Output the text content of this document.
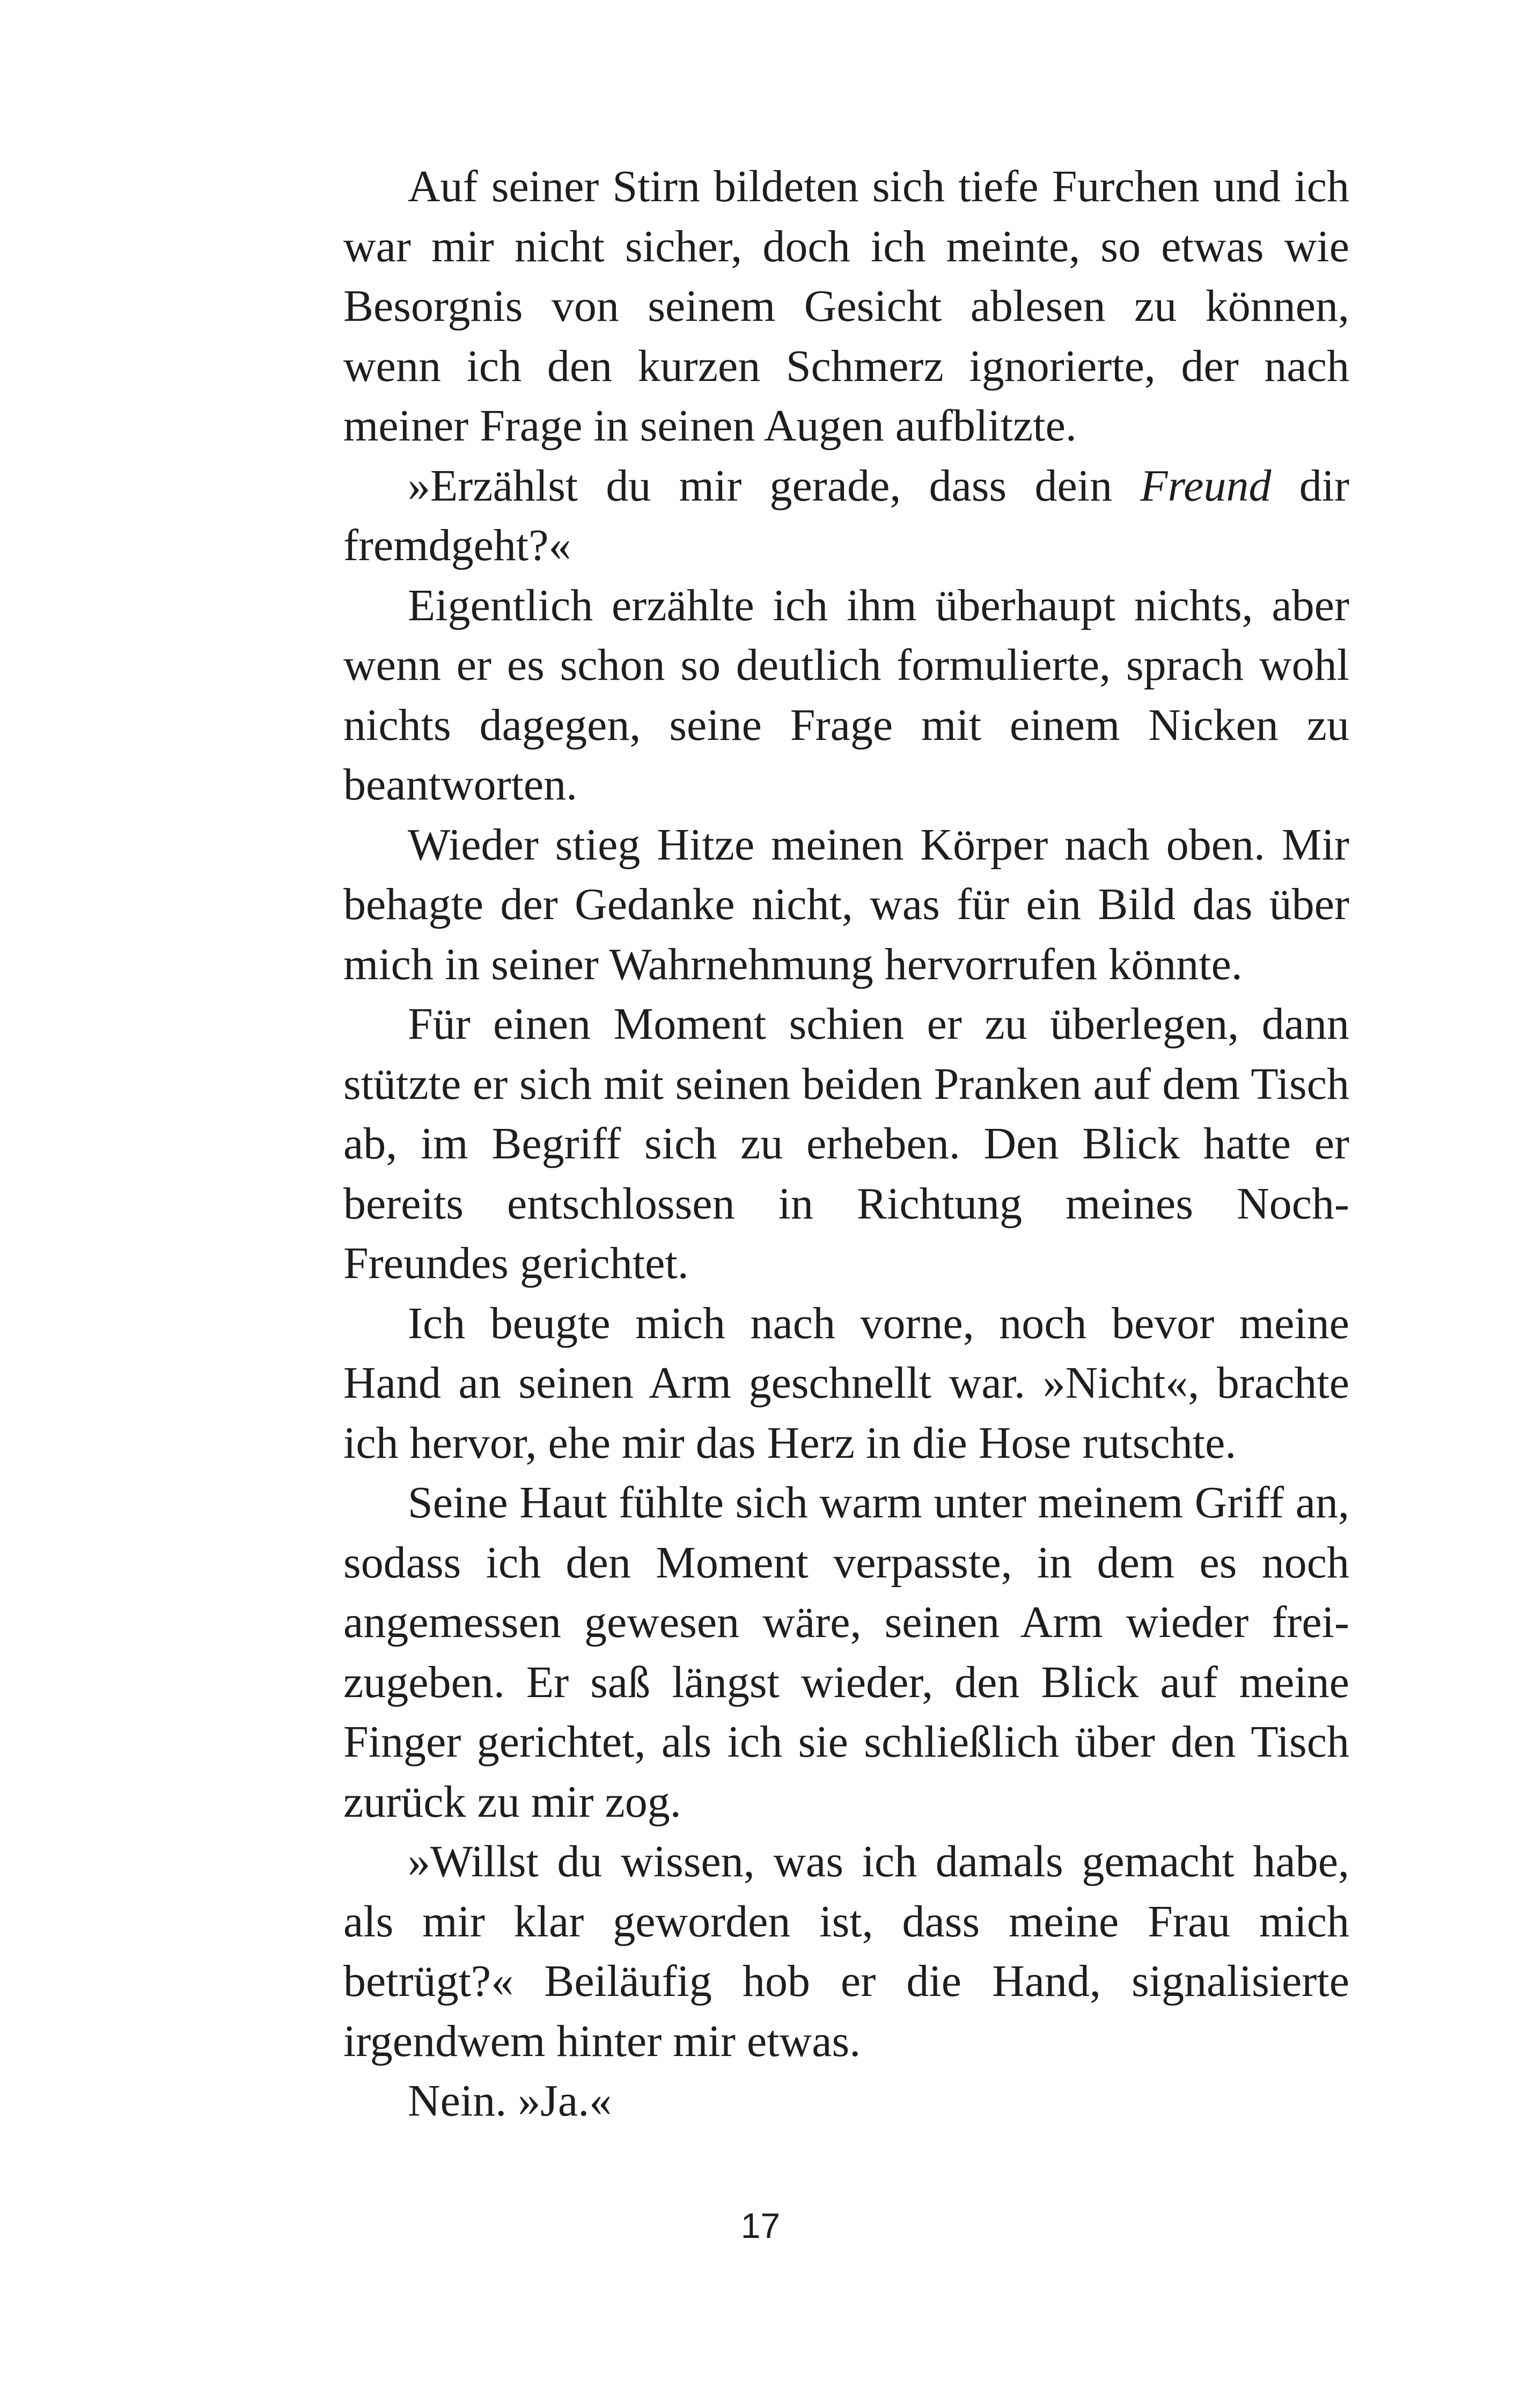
Auf seiner Stirn bildeten sich tiefe Furchen und ich war mir nicht sicher, doch ich meinte, so etwas wie Besorgnis von seinem Gesicht ablesen zu können, wenn ich den kurzen Schmerz ignorierte, der nach meiner Frage in seinen Augen aufblitzte.

»Erzählst du mir gerade, dass dein Freund dir fremdgeht?«

Eigentlich erzählte ich ihm überhaupt nichts, aber wenn er es schon so deutlich formulierte, sprach wohl nichts dagegen, seine Frage mit einem Nicken zu beantworten.

Wieder stieg Hitze meinen Körper nach oben. Mir behagte der Gedanke nicht, was für ein Bild das über mich in seiner Wahrnehmung hervorrufen könnte.

Für einen Moment schien er zu überlegen, dann stützte er sich mit seinen beiden Pranken auf dem Tisch ab, im Begriff sich zu erheben. Den Blick hatte er bereits entschlossen in Richtung meines Noch-Freundes gerichtet.

Ich beugte mich nach vorne, noch bevor meine Hand an seinen Arm geschnellt war. »Nicht«, brachte ich hervor, ehe mir das Herz in die Hose rutschte.

Seine Haut fühlte sich warm unter meinem Griff an, sodass ich den Moment verpasste, in dem es noch angemessen gewesen wäre, seinen Arm wieder freizugeben. Er saß längst wieder, den Blick auf meine Finger gerichtet, als ich sie schließlich über den Tisch zurück zu mir zog.

»Willst du wissen, was ich damals gemacht habe, als mir klar geworden ist, dass meine Frau mich betrügt?« Beiläufig hob er die Hand, signalisierte irgendwem hinter mir etwas.

Nein. »Ja.«

17
